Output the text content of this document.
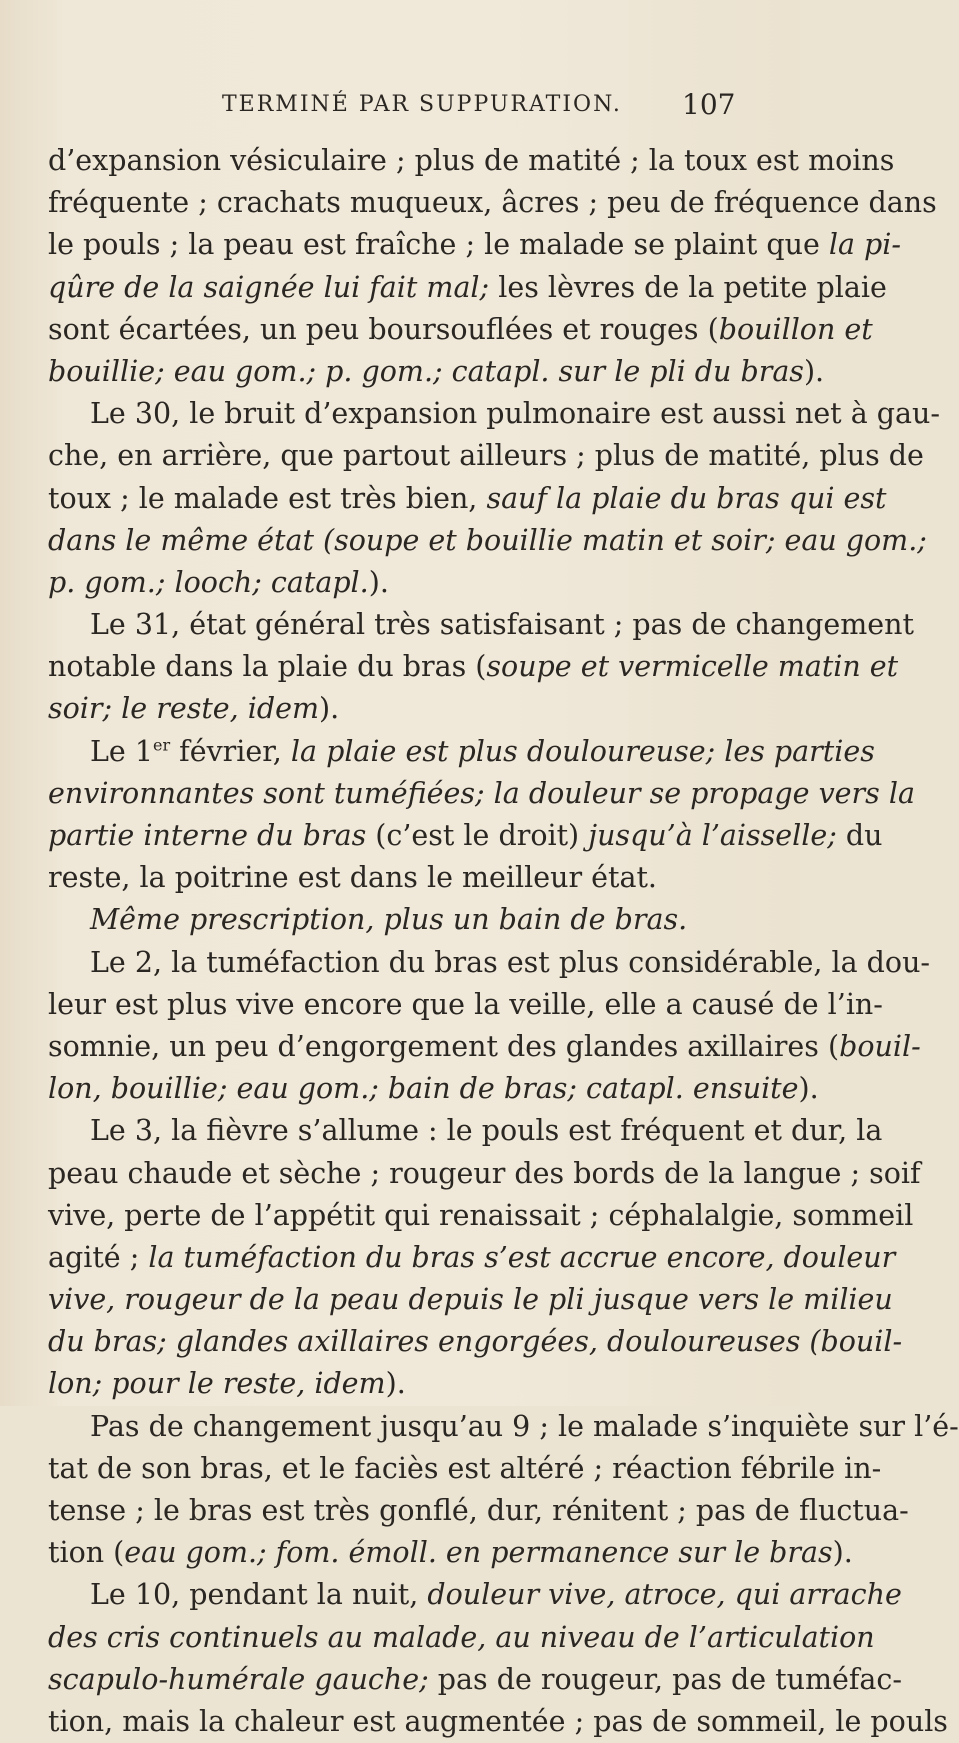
TERMINÉ PAR SUPPURATION. 107
d’expansion vésiculaire ; plus de matité ; la toux est moins
fréquente ; crachats muqueux, âcres ; peu de fréquence dans
le pouls ; la peau est fraîche ; le malade se plaint que la pi-
qûre de la saignée lui fait mal; les lèvres de la petite plaie
sont écartées, un peu boursouflées et rouges (bouillon et
bouillie; eau gom.; p. gom.; catapl. sur le pli du bras).
Le 30, le bruit d’expansion pulmonaire est aussi net à gau-
che, en arrière, que partout ailleurs ; plus de matité, plus de
toux ; le malade est très bien, sauf la plaie du bras qui est
dans le même état (soupe et bouillie matin et soir; eau gom.;
p. gom.; looch; catapl.).
Le 31, état général très satisfaisant ; pas de changement
notable dans la plaie du bras (soupe et vermicelle matin et
soir; le reste, idem).
Le 1er février, la plaie est plus douloureuse; les parties
environnantes sont tuméfiées; la douleur se propage vers la
partie interne du bras (c’est le droit) jusqu’à l’aisselle; du
reste, la poitrine est dans le meilleur état.
Même prescription, plus un bain de bras.
Le 2, la tuméfaction du bras est plus considérable, la dou-
leur est plus vive encore que la veille, elle a causé de l’in-
somnie, un peu d’engorgement des glandes axillaires (bouil-
lon, bouillie; eau gom.; bain de bras; catapl. ensuite).
Le 3, la fièvre s’allume : le pouls est fréquent et dur, la
peau chaude et sèche ; rougeur des bords de la langue ; soif
vive, perte de l’appétit qui renaissait ; céphalalgie, sommeil
agité ; la tuméfaction du bras s’est accrue encore, douleur
vive, rougeur de la peau depuis le pli jusque vers le milieu
du bras; glandes axillaires engorgées, douloureuses (bouil-
lon; pour le reste, idem).
Pas de changement jusqu’au 9 ; le malade s’inquiète sur l’é-
tat de son bras, et le faciès est altéré ; réaction fébrile in-
tense ; le bras est très gonflé, dur, rénitent ; pas de fluctua-
tion (eau gom.; fom. émoll. en permanence sur le bras).
Le 10, pendant la nuit, douleur vive, atroce, qui arrache
des cris continuels au malade, au niveau de l’articulation
scapulo-humérale gauche; pas de rougeur, pas de tuméfac-
tion, mais la chaleur est augmentée ; pas de sommeil, le pouls
